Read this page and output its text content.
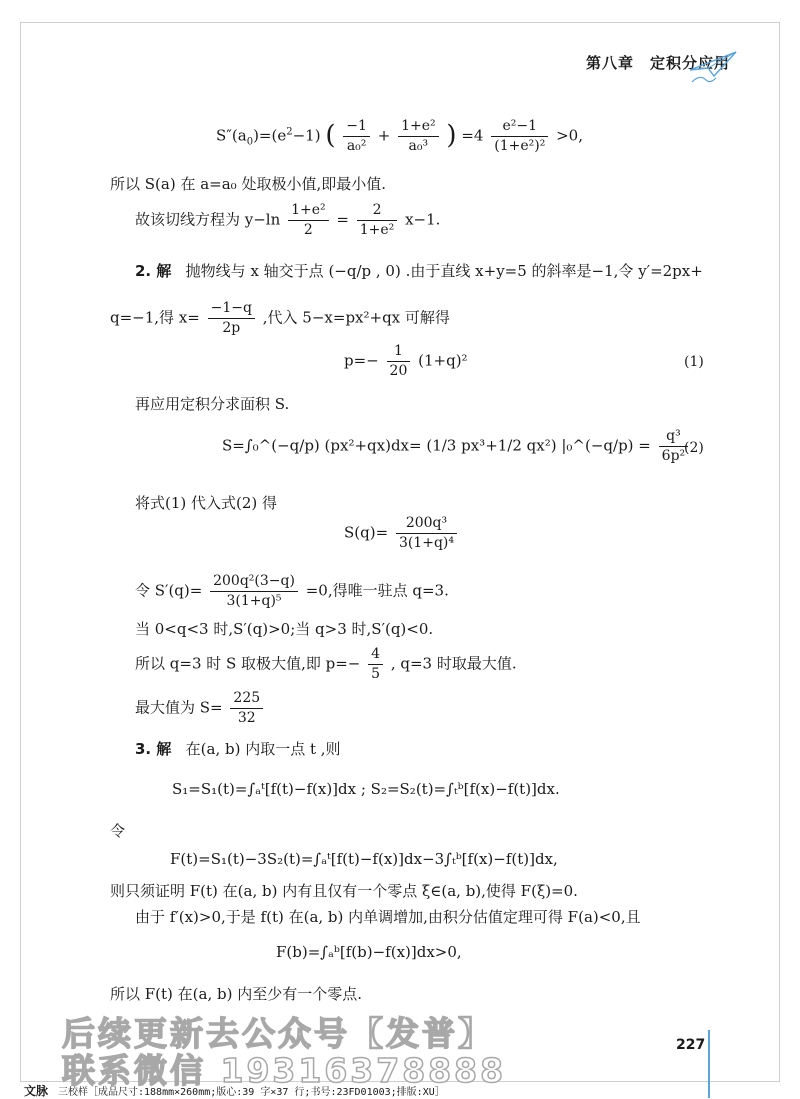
第八章　定积分应用
$S''(a_0)=(e^2-1)$ ( $\frac{-1}{\text{a₀²}} + \frac{\text{1+e²}}{\text{a₀³}}$ ) $=4 \frac{\text{e²−1}}{\text{(1+e²)²}} >0$,
所以 S(a) 在 a=a₀ 处取极小值,即最小值.
故该切线方程为 $y-\ln \frac{\text{1+e²}}{2} = \frac{2}{\text{1+e²}} x-1$.
2. 解 抛物线与 x 轴交于点 (−q/p , 0) .由于直线 x+y=5 的斜率是−1,令 y′=2px+
q=−1,得 $x= \frac{-1-q}{2p}$ ,代入 5−x=px²+qx 可解得
$p=- \frac{1}{20} (1+q)^2$	(1)
再应用定积分求面积 S.
S=∫₀^(−q/p) (px²+qx)dx= (1/3 px³+1/2 qx²) |₀^(−q/p) = $\frac{\text{q³}}{\text{6p²}}$
(2)
将式(1) 代入式(2) 得
$S(q)= \frac{\text{200q³}}{\text{3(1+q)⁴}}$
令 $S'(q)= \frac{\text{200q²(3−q)}}{\text{3(1+q)⁵}} =0$,得唯一驻点 q=3.
当 0<q<3 时,S′(q)>0;当 q>3 时,S′(q)<0.
所以 q=3 时 S 取极大值,即 $p=- \frac{4}{5}$ , q=3 时取最大值.
最大值为 $S= \frac{225}{32}$
3. 解 在(a, b) 内取一点 t ,则
S₁=S₁(t)=∫ₐᵗ[f(t)−f(x)]dx ; S₂=S₂(t)=∫ₜᵇ[f(x)−f(t)]dx.
令
F(t)=S₁(t)−3S₂(t)=∫ₐᵗ[f(t)−f(x)]dx−3∫ₜᵇ[f(x)−f(t)]dx,
则只须证明 F(t) 在(a, b) 内有且仅有一个零点 ξ∈(a, b),使得 F(ξ)=0.
由于 f′(x)>0,于是 f(t) 在(a, b) 内单调增加,由积分估值定理可得 F(a)<0,且
F(b)=∫ₐᵇ[f(b)−f(x)]dx>0,
所以 F(t) 在(a, b) 内至少有一个零点.
后续更新去公众号【发普】
联系微信 19316378888
227
文脉 三校样［成品尺寸:188mm×260mm;版心:39 字×37 行;书号:23FD01003;排版:XU］
